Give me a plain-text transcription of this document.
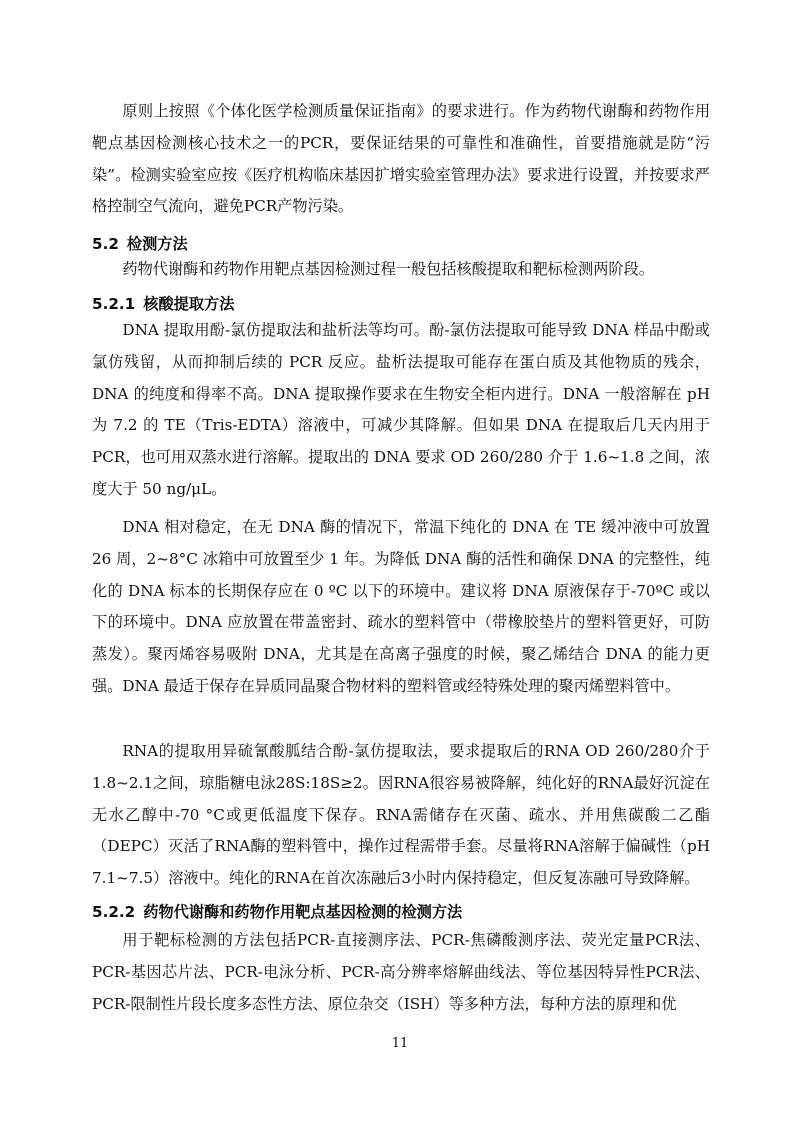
原则上按照《个体化医学检测质量保证指南》的要求进行。作为药物代谢酶和药物作用靶点基因检测核心技术之一的PCR，要保证结果的可靠性和准确性，首要措施就是防“污染”。检测实验室应按《医疗机构临床基因扩增实验室管理办法》要求进行设置，并按要求严格控制空气流向，避免PCR产物污染。

5.2 检测方法

药物代谢酶和药物作用靶点基因检测过程一般包括核酸提取和靶标检测两阶段。

5.2.1 核酸提取方法

DNA 提取用酚-氯仿提取法和盐析法等均可。酚-氯仿法提取可能导致 DNA 样品中酚或氯仿残留，从而抑制后续的 PCR 反应。盐析法提取可能存在蛋白质及其他物质的残余，DNA 的纯度和得率不高。DNA 提取操作要求在生物安全柜内进行。DNA 一般溶解在 pH 为 7.2 的 TE（Tris-EDTA）溶液中，可减少其降解。但如果 DNA 在提取后几天内用于 PCR，也可用双蒸水进行溶解。提取出的 DNA 要求 OD 260/280 介于 1.6~1.8 之间，浓度大于 50 ng/μL。

DNA 相对稳定，在无 DNA 酶的情况下，常温下纯化的 DNA 在 TE 缓冲液中可放置 26 周，2~8°C 冰箱中可放置至少 1 年。为降低 DNA 酶的活性和确保 DNA 的完整性，纯化的 DNA 标本的长期保存应在 0 ºC 以下的环境中。建议将 DNA 原液保存于-70ºC 或以下的环境中。DNA 应放置在带盖密封、疏水的塑料管中（带橡胶垫片的塑料管更好，可防蒸发）。聚丙烯容易吸附 DNA，尤其是在高离子强度的时候，聚乙烯结合 DNA 的能力更强。DNA 最适于保存在异质同晶聚合物材料的塑料管或经特殊处理的聚丙烯塑料管中。

RNA的提取用异硫氰酸胍结合酚-氯仿提取法，要求提取后的RNA OD 260/280介于1.8~2.1之间，琼脂糖电泳28S:18S≥2。因RNA很容易被降解，纯化好的RNA最好沉淀在无水乙醇中-70 °C或更低温度下保存。RNA需储存在灭菌、疏水、并用焦碳酸二乙酯（DEPC）灭活了RNA酶的塑料管中，操作过程需带手套。尽量将RNA溶解于偏碱性（pH 7.1~7.5）溶液中。纯化的RNA在首次冻融后3小时内保持稳定，但反复冻融可导致降解。

5.2.2 药物代谢酶和药物作用靶点基因检测的检测方法

用于靶标检测的方法包括PCR-直接测序法、PCR-焦磷酸测序法、荧光定量PCR法、PCR-基因芯片法、PCR-电泳分析、PCR-高分辨率熔解曲线法、等位基因特异性PCR法、PCR-限制性片段长度多态性方法、原位杂交（ISH）等多种方法，每种方法的原理和优

11
